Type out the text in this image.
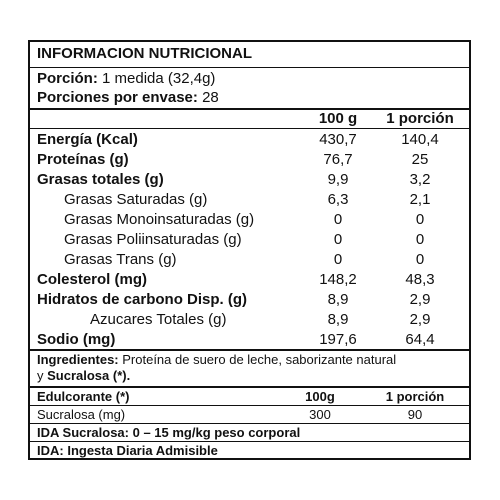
INFORMACION NUTRICIONAL
Porción: 1 medida (32,4g)
Porciones por envase: 28
100 g	1 porción
Energía (Kcal)	430,7	140,4
Proteínas (g)	76,7	25
Grasas totales (g)	9,9	3,2
Grasas Saturadas (g)	6,3	2,1
Grasas Monoinsaturadas (g)	0	0
Grasas Poliinsaturadas (g)	0	0
Grasas Trans (g)	0	0
Colesterol (mg)	148,2	48,3
Hidratos de carbono Disp. (g)	8,9	2,9
Azucares Totales (g)	8,9	2,9
Sodio (mg)	197,6	64,4
Ingredientes: Proteína de suero de leche, saborizante natural
y Sucralosa (*).
Edulcorante (*)	100g	1 porción
Sucralosa (mg)	300	90
IDA Sucralosa: 0 – 15 mg/kg peso corporal
IDA: Ingesta Diaria Admisible
